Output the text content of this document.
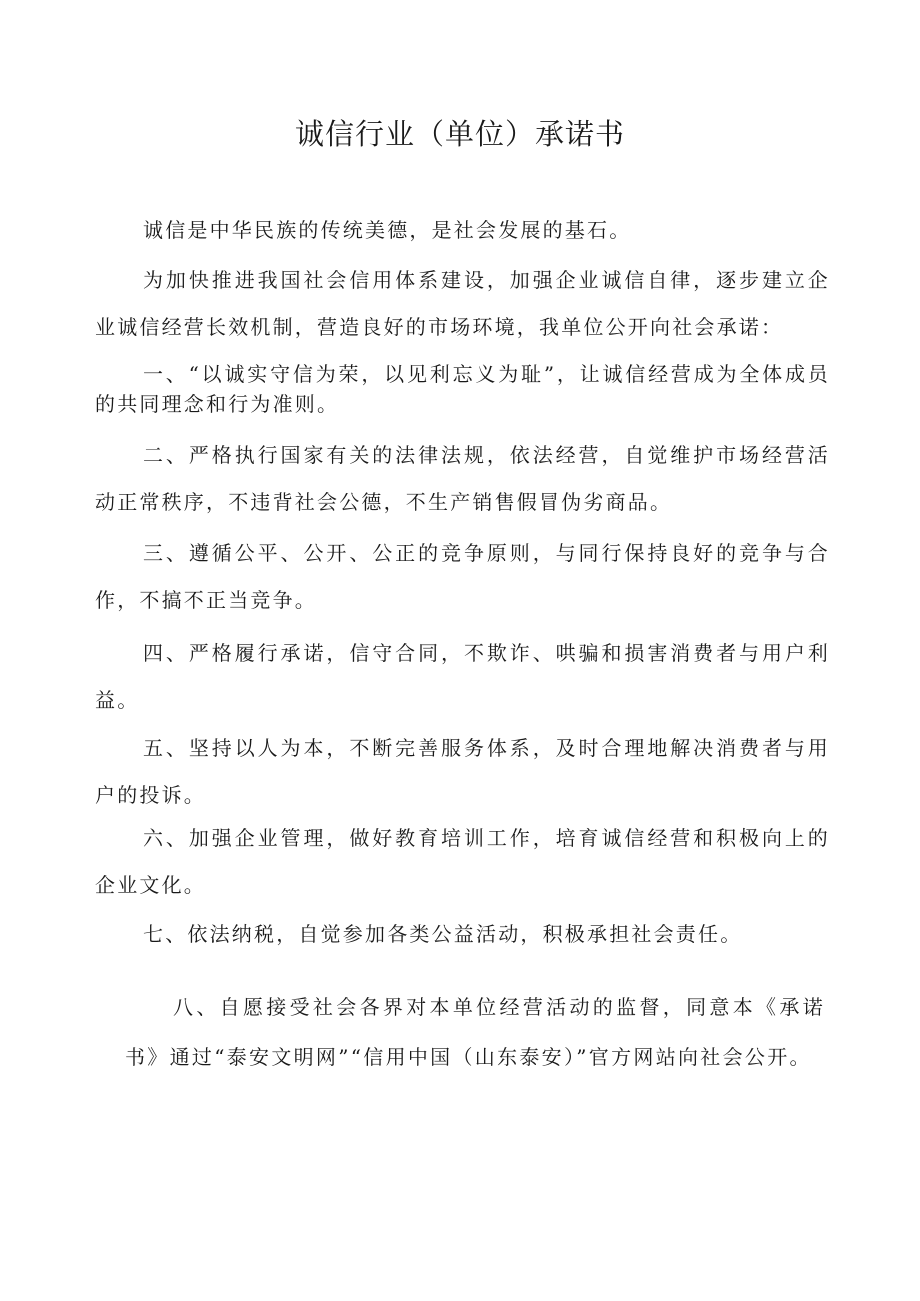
诚信行业（单位）承诺书

诚信是中华民族的传统美德，是社会发展的基石。

为加快推进我国社会信用体系建设，加强企业诚信自律，逐步建立企业诚信经营长效机制，营造良好的市场环境，我单位公开向社会承诺：

一、“以诚实守信为荣，以见利忘义为耻”，让诚信经营成为全体成员的共同理念和行为准则。

二、严格执行国家有关的法律法规，依法经营，自觉维护市场经营活动正常秩序，不违背社会公德，不生产销售假冒伪劣商品。

三、遵循公平、公开、公正的竞争原则，与同行保持良好的竞争与合作，不搞不正当竞争。

四、严格履行承诺，信守合同，不欺诈、哄骗和损害消费者与用户利益。

五、坚持以人为本，不断完善服务体系，及时合理地解决消费者与用户的投诉。

六、加强企业管理，做好教育培训工作，培育诚信经营和积极向上的企业文化。

七、依法纳税，自觉参加各类公益活动，积极承担社会责任。

八、自愿接受社会各界对本单位经营活动的监督，同意本《承诺书》通过“泰安文明网”“信用中国（山东泰安）”官方网站向社会公开。
